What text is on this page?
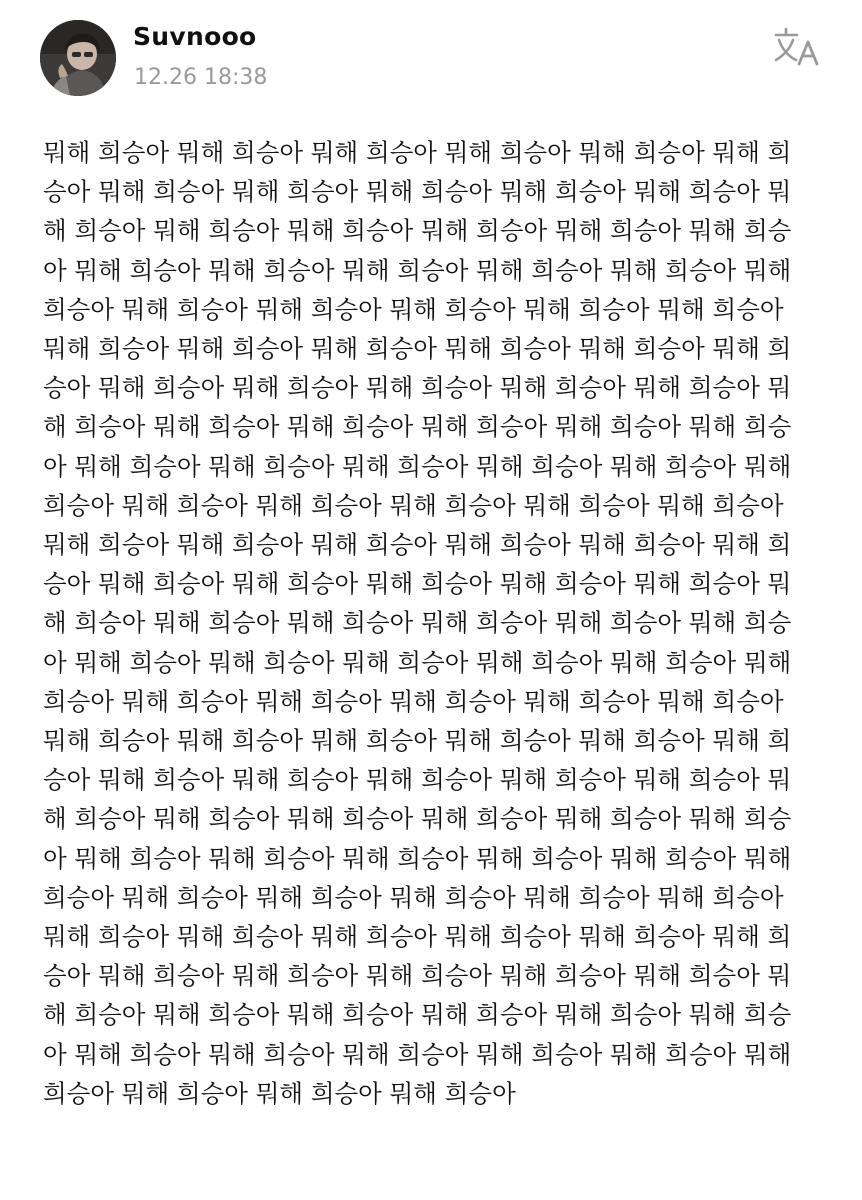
Suvnooo
12.26 18:38

뭐해 희승아 뭐해 희승아 뭐해 희승아 뭐해 희승아 뭐해 희승아 뭐해 희승아 뭐해 희승아 뭐해 희승아 뭐해 희승아 뭐해 희승아 뭐해 희승아 뭐해 희승아 뭐해 희승아 뭐해 희승아 뭐해 희승아 뭐해 희승아 뭐해 희승아 뭐해 희승아 뭐해 희승아 뭐해 희승아 뭐해 희승아 뭐해 희승아 뭐해 희승아 뭐해 희승아 뭐해 희승아 뭐해 희승아 뭐해 희승아 뭐해 희승아 뭐해 희승아 뭐해 희승아 뭐해 희승아 뭐해 희승아 뭐해 희승아 뭐해 희승아 뭐해 희승아 뭐해 희승아 뭐해 희승아 뭐해 희승아 뭐해 희승아 뭐해 희승아 뭐해 희승아 뭐해 희승아 뭐해 희승아 뭐해 희승아 뭐해 희승아 뭐해 희승아 뭐해 희승아 뭐해 희승아 뭐해 희승아 뭐해 희승아 뭐해 희승아 뭐해 희승아 뭐해 희승아 뭐해 희승아 뭐해 희승아 뭐해 희승아 뭐해 희승아 뭐해 희승아 뭐해 희승아 뭐해 희승아 뭐해 희승아 뭐해 희승아 뭐해 희승아 뭐해 희승아 뭐해 희승아 뭐해 희승아 뭐해 희승아 뭐해 희승아 뭐해 희승아 뭐해 희승아 뭐해 희승아 뭐해 희승아 뭐해 희승아 뭐해 희승아 뭐해 희승아 뭐해 희승아 뭐해 희승아 뭐해 희승아 뭐해 희승아 뭐해 희승아 뭐해 희승아 뭐해 희승아 뭐해 희승아 뭐해 희승아 뭐해 희승아 뭐해 희승아 뭐해 희승아 뭐해 희승아 뭐해 희승아 뭐해 희승아 뭐해 희승아 뭐해 희승아 뭐해 희승아 뭐해 희승아 뭐해 희승아 뭐해 희승아 뭐해 희승아 뭐해 희승아 뭐해 희승아 뭐해 희승아 뭐해 희승아 뭐해 희승아 뭐해 희승아 뭐해 희승아 뭐해 희승아 뭐해 희승아 뭐해 희승아 뭐해 희승아 뭐해 희승아 뭐해 희승아 뭐해 희승아 뭐해 희승아 뭐해 희승아 뭐해 희승아 뭐해 희승아 뭐해 희승아 뭐해 희승아 뭐해 희승아 뭐해 희승아 뭐해 희승아 뭐해 희승아 뭐해 희승아 뭐해 희승아 뭐해 희승아 뭐해 희승아 뭐해 희승아 뭐해 희승아 뭐해 희승아 뭐해 희승아 뭐해 희승아 뭐해 희승아 뭐해 희승아 뭐해 희승아 뭐해 희승아 뭐해 희승아 뭐해 희승아 뭐해 희승아 뭐해 희승아
